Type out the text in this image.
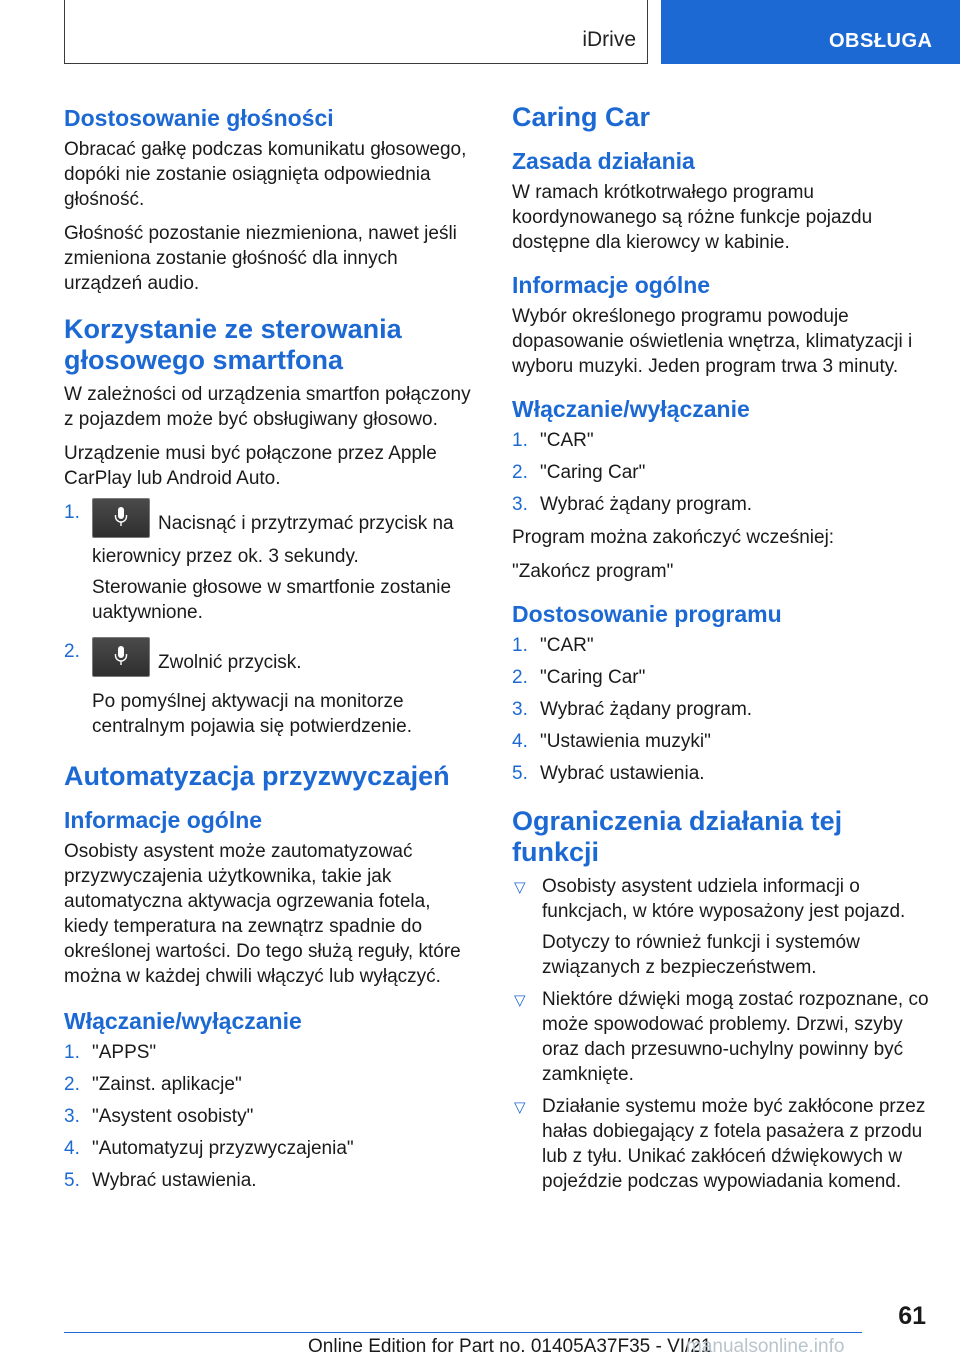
iDrive	OBSŁUGA
Dostosowanie głośności

Obracać gałkę podczas komunikatu głosowego, dopóki nie zostanie osiągnięta odpowiednia głośność.

Głośność pozostanie niezmieniona, nawet jeśli zmieniona zostanie głośność dla innych urządzeń audio.

Korzystanie ze sterowania głosowego smartfona

W zależności od urządzenia smartfon połączony z pojazdem może być obsługiwany głosowo.

Urządzenie musi być połączone przez Apple CarPlay lub Android Auto.

1.
Nacisnąć i przytrzymać przycisk na kierownicy przez ok. 3 sekundy.
Sterowanie głosowe w smartfonie zostanie uaktywnione.
2.
Zwolnić przycisk.
Po pomyślnej aktywacji na monitorze centralnym pojawia się potwierdzenie.
Automatyzacja przyzwyczajeń
Informacje ogólne

Osobisty asystent może zautomatyzować przyzwyczajenia użytkownika, takie jak automatyczna aktywacja ogrzewania fotela, kiedy temperatura na zewnątrz spadnie do określonej wartości. Do tego służą reguły, które można w każdej chwili włączyć lub wyłączyć.

Włączanie/wyłączanie
1. "APPS"
2. "Zainst. aplikacje"
3. "Asystent osobisty"
4. "Automatyzuj przyzwyczajenia"
5. Wybrać ustawienia.
Caring Car
Zasada działania

W ramach krótkotrwałego programu koordynowanego są różne funkcje pojazdu dostępne dla kierowcy w kabinie.

Informacje ogólne

Wybór określonego programu powoduje dopasowanie oświetlenia wnętrza, klimatyzacji i wyboru muzyki. Jeden program trwa 3 minuty.

Włączanie/wyłączanie
1. "CAR"
2. "Caring Car"
3. Wybrać żądany program.

Program można zakończyć wcześniej:

"Zakończ program"

Dostosowanie programu
1. "CAR"
2. "Caring Car"
3. Wybrać żądany program.
4. "Ustawienia muzyki"
5. Wybrać ustawienia.
Ograniczenia działania tej funkcji
▽ Osobisty asystent udziela informacji o funkcjach, w które wyposażony jest pojazd.
Dotyczy to również funkcji i systemów związanych z bezpieczeństwem.
▽ Niektóre dźwięki mogą zostać rozpoznane, co może spowodować problemy. Drzwi, szyby oraz dach przesuwno-uchylny powinny być zamknięte.
▽ Działanie systemu może być zakłócone przez hałas dobiegający z fotela pasażera z przodu lub z tyłu. Unikać zakłóceń dźwiękowych w pojeździe podczas wypowiadania komend.
61
Online Edition for Part no. 01405A37F35 - VI/21
manualsonline.info
